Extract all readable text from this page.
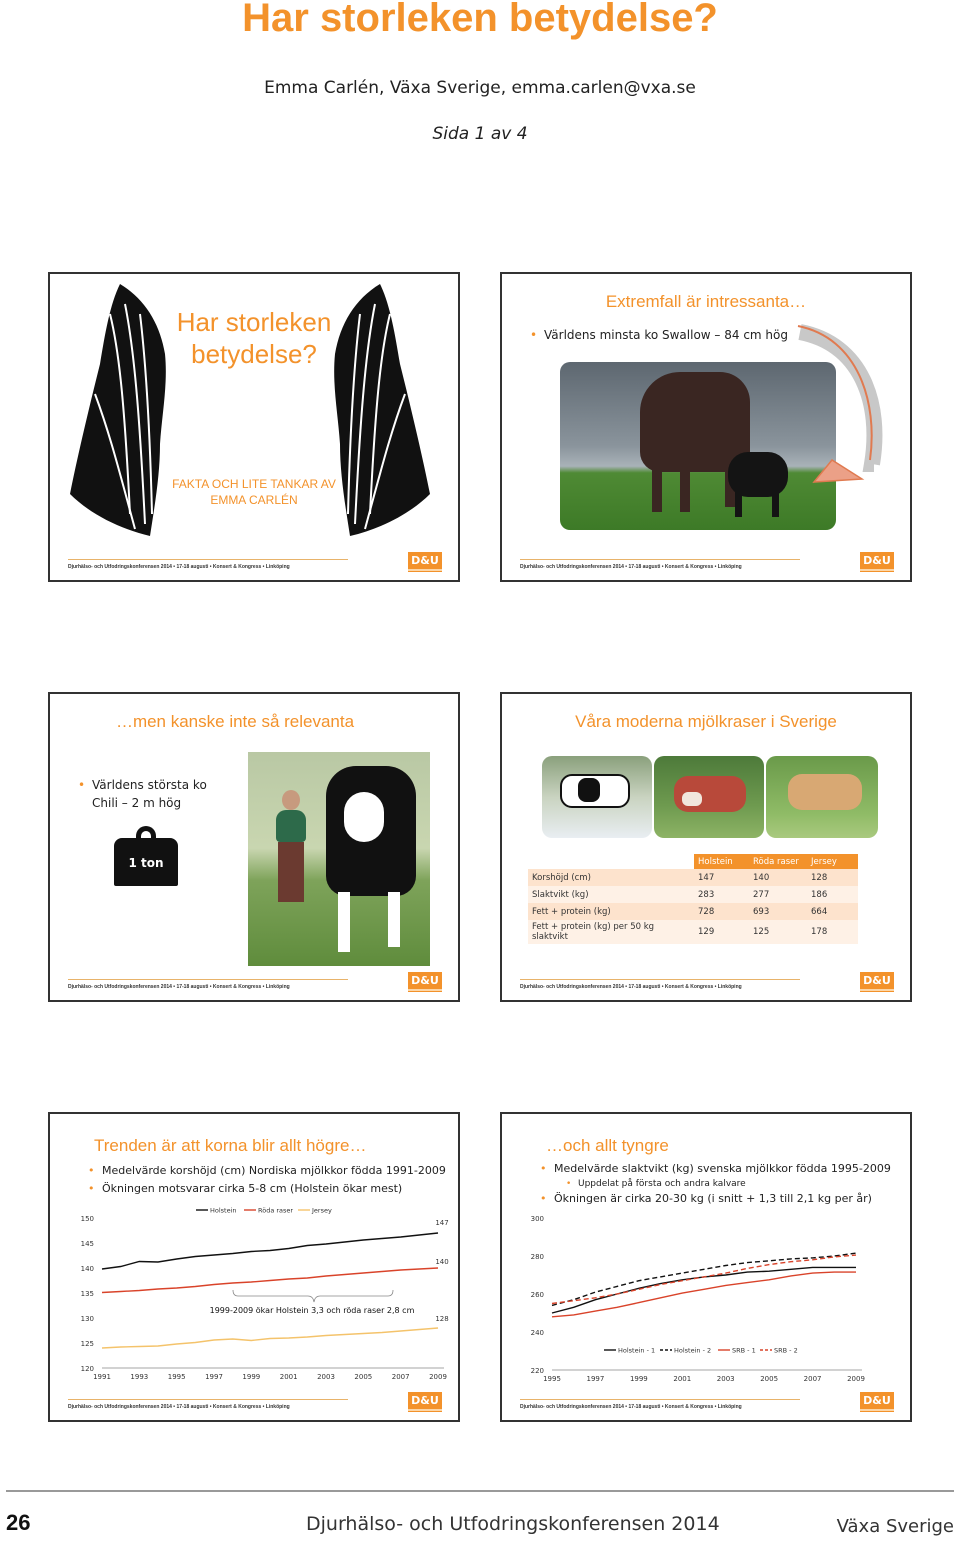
Har storleken betydelse?
Emma Carlén, Växa Sverige, emma.carlen@vxa.se
Sida 1 av 4
Har storleken betydelse?
FAKTA OCH LITE TANKAR AV EMMA CARLÉN
Djurhälso- och Utfodringskonferensen 2014 • 17-18 augusti • Konsert & Kongress • Linköping	D&U
Extremfall är intressanta…
• Världens minsta ko Swallow – 84 cm hög
Djurhälso- och Utfodringskonferensen 2014 • 17-18 augusti • Konsert & Kongress • Linköping	D&U
…men kanske inte så relevanta
• Världens största ko Chili – 2 m hög
1 ton
Djurhälso- och Utfodringskonferensen 2014 • 17-18 augusti • Konsert & Kongress • Linköping	D&U
Våra moderna mjölkraser i Sverige
	Holstein	Röda raser	Jersey
Korshöjd (cm)	147	140	128
Slaktvikt (kg)	283	277	186
Fett + protein (kg)	728	693	664
Fett + protein (kg) per 50 kg slaktvikt	129	125	178
Djurhälso- och Utfodringskonferensen 2014 • 17-18 augusti • Konsert & Kongress • Linköping	D&U
Trenden är att korna blir allt högre…
• Medelvärde korshöjd (cm) Nordiska mjölkkor födda 1991-2009
• Ökningen motsvarar cirka 5-8 cm (Holstein ökar mest)
120
125
130
135
140
145
150
1991	1993	1995	1997	1999	2001	2003	2005	2007	2009
147
140
128
Holstein	Röda raser	Jersey
1999-2009 ökar Holstein 3,3 och röda raser 2,8 cm
Djurhälso- och Utfodringskonferensen 2014 • 17-18 augusti • Konsert & Kongress • Linköping	D&U
…och allt tyngre
• Medelvärde slaktvikt (kg) svenska mjölkkor födda 1995-2009
• Uppdelat på första och andra kalvare
• Ökningen är cirka 20-30 kg (i snitt + 1,3 till 2,1 kg per år)
220
240
260
280
300
1995	1997	1999	2001	2003	2005	2007	2009
Holstein - 1	Holstein - 2	SRB - 1	SRB - 2
Djurhälso- och Utfodringskonferensen 2014 • 17-18 augusti • Konsert & Kongress • Linköping	D&U
26	Djurhälso- och Utfodringskonferensen 2014	Växa Sverige
